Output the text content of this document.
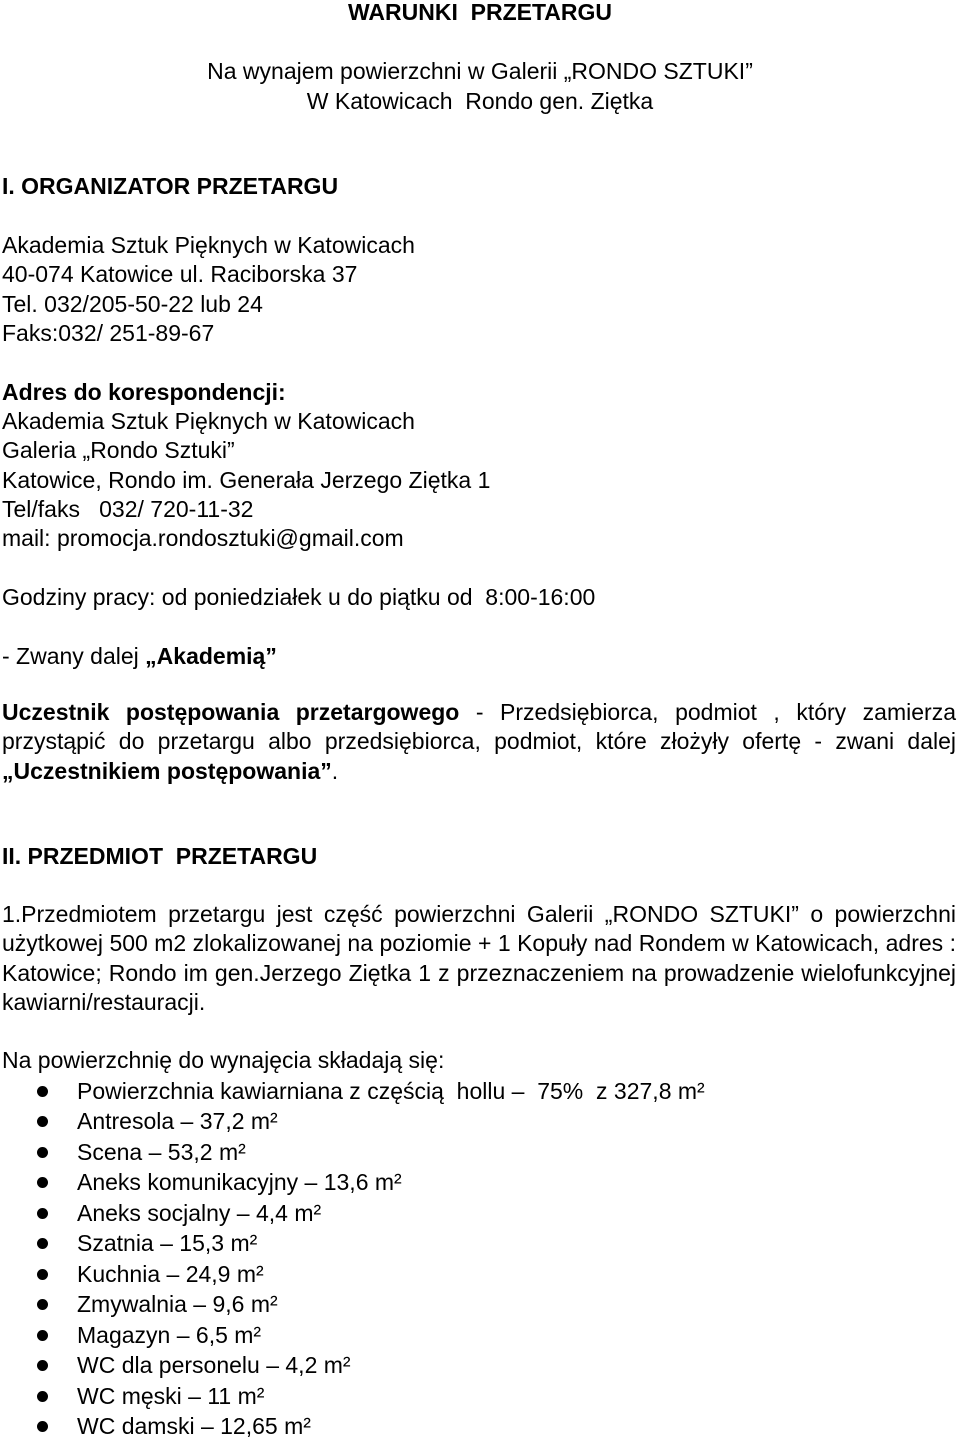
WARUNKI  PRZETARGU
Na wynajem powierzchni w Galerii „RONDO SZTUKI”
W Katowicach  Rondo gen. Ziętka
I. ORGANIZATOR PRZETARGU
Akademia Sztuk Pięknych w Katowicach
40-074 Katowice ul. Raciborska 37
Tel. 032/205-50-22 lub 24
Faks:032/ 251-89-67
Adres do korespondencji:
Akademia Sztuk Pięknych w Katowicach
Galeria „Rondo Sztuki”
Katowice, Rondo im. Generała Jerzego Ziętka 1
Tel/faks   032/ 720-11-32
mail: promocja.rondosztuki@gmail.com
Godziny pracy: od poniedziałek u do piątku od  8:00-16:00
- Zwany dalej „Akademią”
Uczestnik postępowania przetargowego - Przedsiębiorca, podmiot , który zamierza przystąpić do przetargu albo przedsiębiorca, podmiot, które złożyły ofertę - zwani dalej „Uczestnikiem postępowania”.
II. PRZEDMIOT  PRZETARGU
1.Przedmiotem przetargu jest część powierzchni Galerii „RONDO SZTUKI” o powierzchni użytkowej 500 m2 zlokalizowanej na poziomie + 1 Kopuły nad Rondem w Katowicach, adres : Katowice; Rondo im gen.Jerzego Ziętka 1 z przeznaczeniem na prowadzenie wielofunkcyjnej kawiarni/restauracji.
Na powierzchnię do wynajęcia składają się:
Powierzchnia kawiarniana z częścią  hollu –  75%  z 327,8 m²
Antresola – 37,2 m²
Scena – 53,2 m²
Aneks komunikacyjny – 13,6 m²
Aneks socjalny – 4,4 m²
Szatnia – 15,3 m²
Kuchnia – 24,9 m²
Zmywalnia – 9,6 m²
Magazyn – 6,5 m²
WC dla personelu – 4,2 m²
WC męski – 11 m²
WC damski – 12,65 m²
